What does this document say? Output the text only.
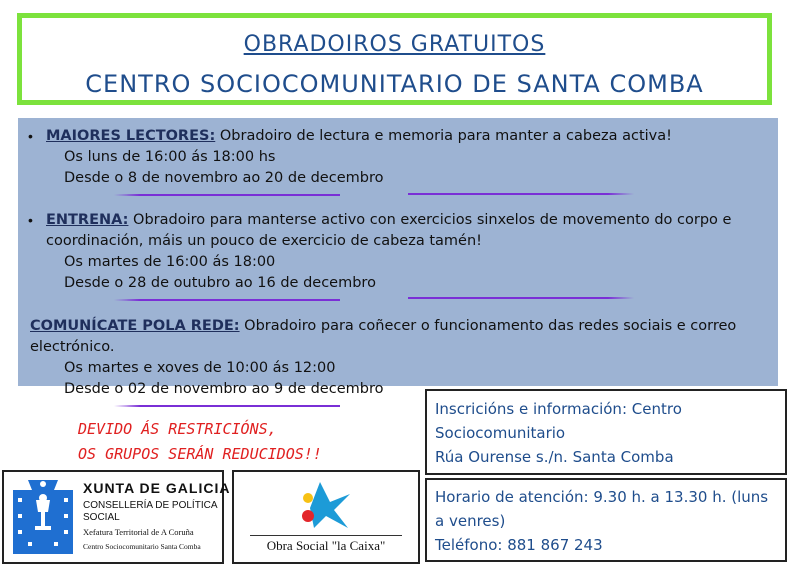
OBRADOIROS GRATUITOS
CENTRO SOCIOCOMUNITARIO DE SANTA COMBA
• MAIORES LECTORES: Obradoiro de lectura e memoria para manter a cabeza activa!
Os luns de 16:00 ás 18:00 hs
Desde o 8 de novembro ao 20 de decembro
• ENTRENA: Obradoiro para manterse activo con exercicios sinxelos de movemento do corpo e
coordinación, máis un pouco de exercicio de cabeza tamén!
Os martes de 16:00 ás 18:00
Desde o 28 de outubro ao 16 de decembro
COMUNÍCATE POLA REDE: Obradoiro para coñecer o funcionamento das redes sociais e correo
electrónico.
Os martes e xoves de 10:00 ás 12:00
Desde o 02 de novembro ao 9 de decembro
DEVIDO ÁS RESTRICIÓNS,
OS GRUPOS SERÁN REDUCIDOS!!
Inscricións e información: Centro
Sociocomunitario
Rúa Ourense s./n. Santa Comba
Horario de atención: 9.30 h. a 13.30 h. (luns
a venres)
Teléfono: 881 867 243
XUNTA DE GALICIA
CONSELLERÍA DE POLÍTICA
SOCIAL
Xefatura Territorial de A Coruña
Centro Sociocomunitario Santa Comba	Obra Social "la Caixa"
